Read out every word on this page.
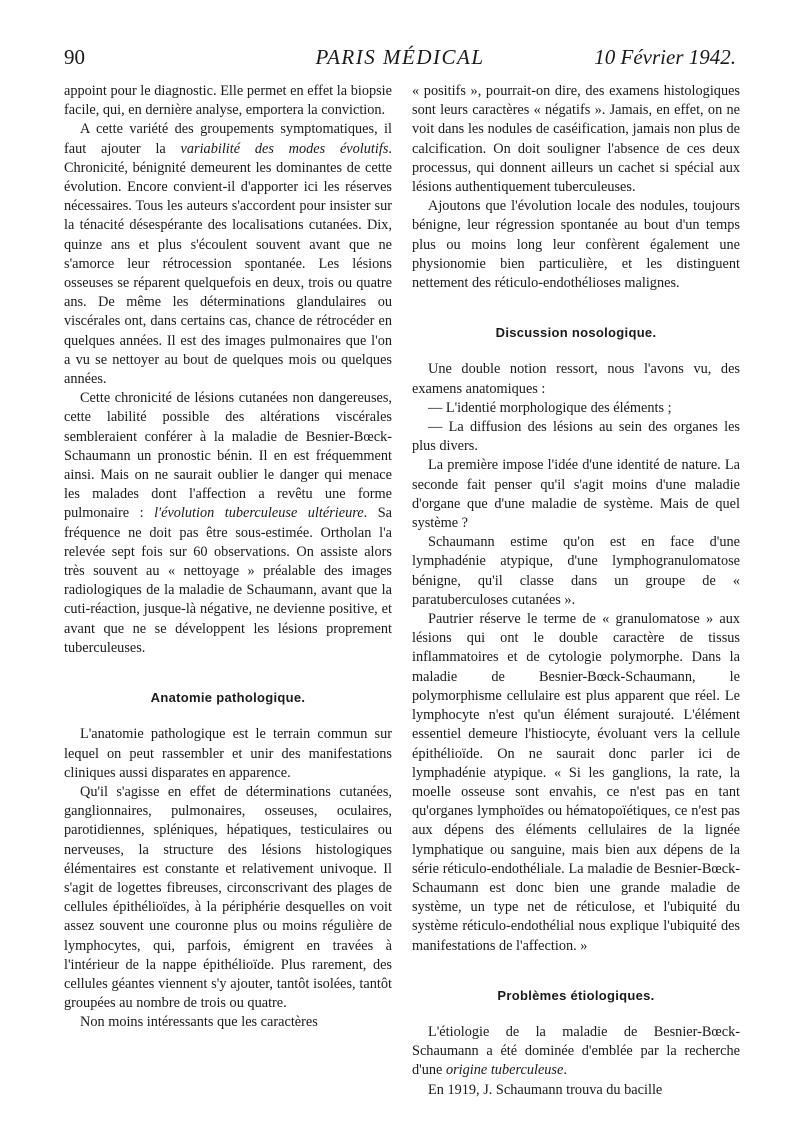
90	PARIS MÉDICAL	10 Février 1942.

appoint pour le diagnostic. Elle permet en effet la biopsie facile, qui, en dernière analyse, emportera la conviction.

A cette variété des groupements symptomatiques, il faut ajouter la variabilité des modes évolutifs. Chronicité, bénignité demeurent les dominantes de cette évolution. Encore convient-il d'apporter ici les réserves nécessaires. Tous les auteurs s'accordent pour insister sur la ténacité désespérante des localisations cutanées. Dix, quinze ans et plus s'écoulent souvent avant que ne s'amorce leur rétrocession spontanée. Les lésions osseuses se réparent quelquefois en deux, trois ou quatre ans. De même les déterminations glandulaires ou viscérales ont, dans certains cas, chance de rétrocéder en quelques années. Il est des images pulmonaires que l'on a vu se nettoyer au bout de quelques mois ou quelques années.

Cette chronicité de lésions cutanées non dangereuses, cette labilité possible des altérations viscérales sembleraient conférer à la maladie de Besnier-Bœck-Schaumann un pronostic bénin. Il en est fréquemment ainsi. Mais on ne saurait oublier le danger qui menace les malades dont l'affection a revêtu une forme pulmonaire : l'évolution tuberculeuse ultérieure. Sa fréquence ne doit pas être sous-estimée. Ortholan l'a relevée sept fois sur 60 observations. On assiste alors très souvent au « nettoyage » préalable des images radiologiques de la maladie de Schaumann, avant que la cuti-réaction, jusque-là négative, ne devienne positive, et avant que ne se développent les lésions proprement tuberculeuses.

Anatomie pathologique.

L'anatomie pathologique est le terrain commun sur lequel on peut rassembler et unir des manifestations cliniques aussi disparates en apparence.

Qu'il s'agisse en effet de déterminations cutanées, ganglionnaires, pulmonaires, osseuses, oculaires, parotidiennes, spléniques, hépatiques, testiculaires ou nerveuses, la structure des lésions histologiques élémentaires est constante et relativement univoque. Il s'agit de logettes fibreuses, circonscrivant des plages de cellules épithélioïdes, à la périphérie desquelles on voit assez souvent une couronne plus ou moins régulière de lymphocytes, qui, parfois, émigrent en travées à l'intérieur de la nappe épithélioïde. Plus rarement, des cellules géantes viennent s'y ajouter, tantôt isolées, tantôt groupées au nombre de trois ou quatre.

Non moins intéressants que les caractères

« positifs », pourrait-on dire, des examens histologiques sont leurs caractères « négatifs ». Jamais, en effet, on ne voit dans les nodules de caséification, jamais non plus de calcification. On doit souligner l'absence de ces deux processus, qui donnent ailleurs un cachet si spécial aux lésions authentiquement tuberculeuses.

Ajoutons que l'évolution locale des nodules, toujours bénigne, leur régression spontanée au bout d'un temps plus ou moins long leur confèrent également une physionomie bien particulière, et les distinguent nettement des réticulo-endothélioses malignes.

Discussion nosologique.

Une double notion ressort, nous l'avons vu, des examens anatomiques :

— L'identié morphologique des éléments ;

— La diffusion des lésions au sein des organes les plus divers.

La première impose l'idée d'une identité de nature. La seconde fait penser qu'il s'agit moins d'une maladie d'organe que d'une maladie de système. Mais de quel système ?

Schaumann estime qu'on est en face d'une lymphadénie atypique, d'une lymphogranulomatose bénigne, qu'il classe dans un groupe de « paratuberculoses cutanées ».

Pautrier réserve le terme de « granulomatose » aux lésions qui ont le double caractère de tissus inflammatoires et de cytologie polymorphe. Dans la maladie de Besnier-Bœck-Schaumann, le polymorphisme cellulaire est plus apparent que réel. Le lymphocyte n'est qu'un élément surajouté. L'élément essentiel demeure l'histiocyte, évoluant vers la cellule épithélioïde. On ne saurait donc parler ici de lymphadénie atypique. « Si les ganglions, la rate, la moelle osseuse sont envahis, ce n'est pas en tant qu'organes lymphoïdes ou hématopoïétiques, ce n'est pas aux dépens des éléments cellulaires de la lignée lymphatique ou sanguine, mais bien aux dépens de la série réticulo-endothéliale. La maladie de Besnier-Bœck-Schaumann est donc bien une grande maladie de système, un type net de réticulose, et l'ubiquité du système réticulo-endothélial nous explique l'ubiquité des manifestations de l'affection. »

Problèmes étiologiques.

L'étiologie de la maladie de Besnier-Bœck-Schaumann a été dominée d'emblée par la recherche d'une origine tuberculeuse.

En 1919, J. Schaumann trouva du bacille
